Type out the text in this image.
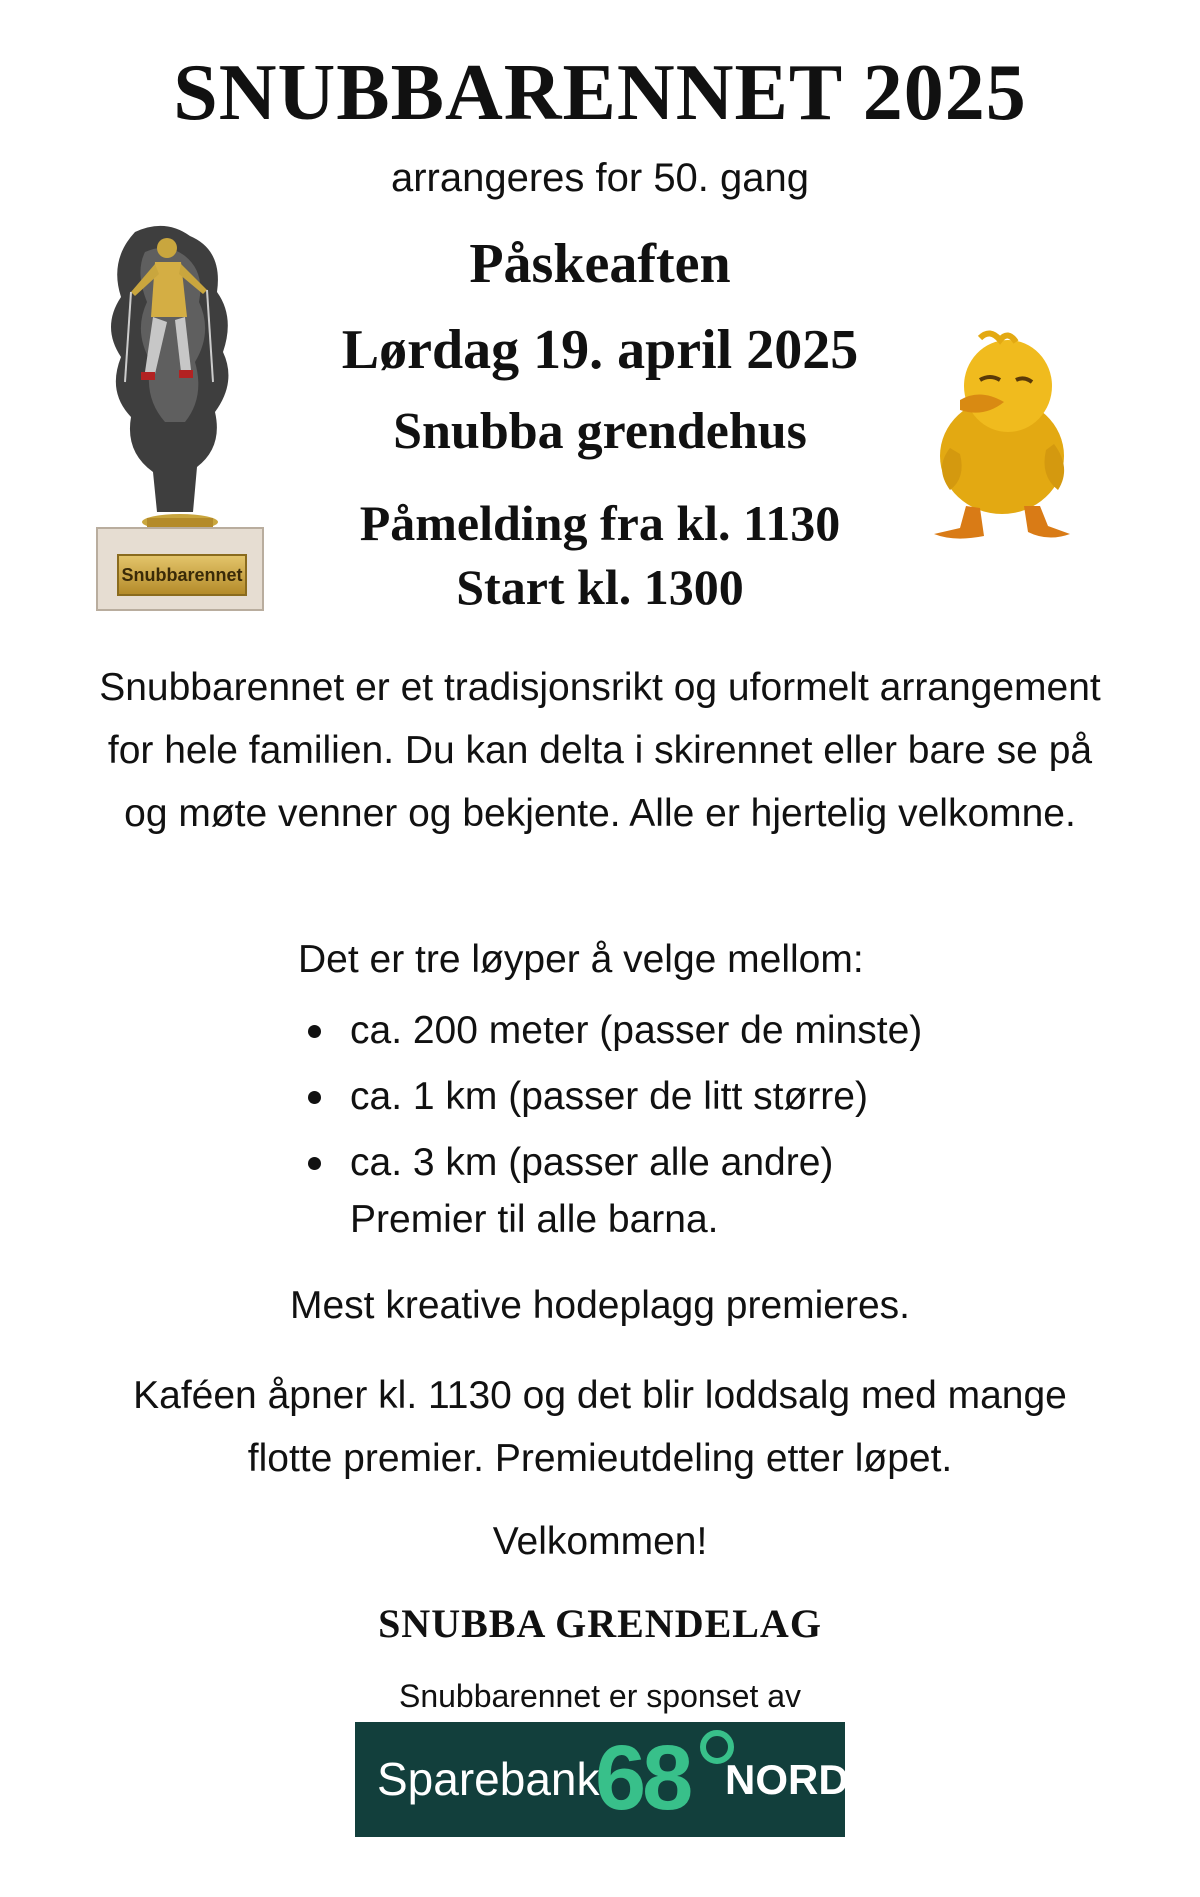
SNUBBARENNET 2025
arrangeres for 50. gang
Påskeaften
Lørdag 19. april 2025
Snubba grendehus
Påmelding fra kl. 1130
Start kl. 1300
Snubbarennet
Snubbarennet er et tradisjonsrikt og uformelt arrangement for hele familien. Du kan delta i skirennet eller bare se på og møte venner og bekjente. Alle er hjertelig velkomne.
Det er tre løyper å velge mellom:
ca. 200 meter (passer de minste)
ca. 1 km (passer de litt større)
ca. 3 km (passer alle andre)
Premier til alle barna.
Mest kreative hodeplagg premieres.
Kaféen åpner kl. 1130 og det blir loddsalg med mange flotte premier. Premieutdeling etter løpet.
Velkommen!
SNUBBA GRENDELAG
Snubbarennet er sponset av
Sparebank
68 NORD
